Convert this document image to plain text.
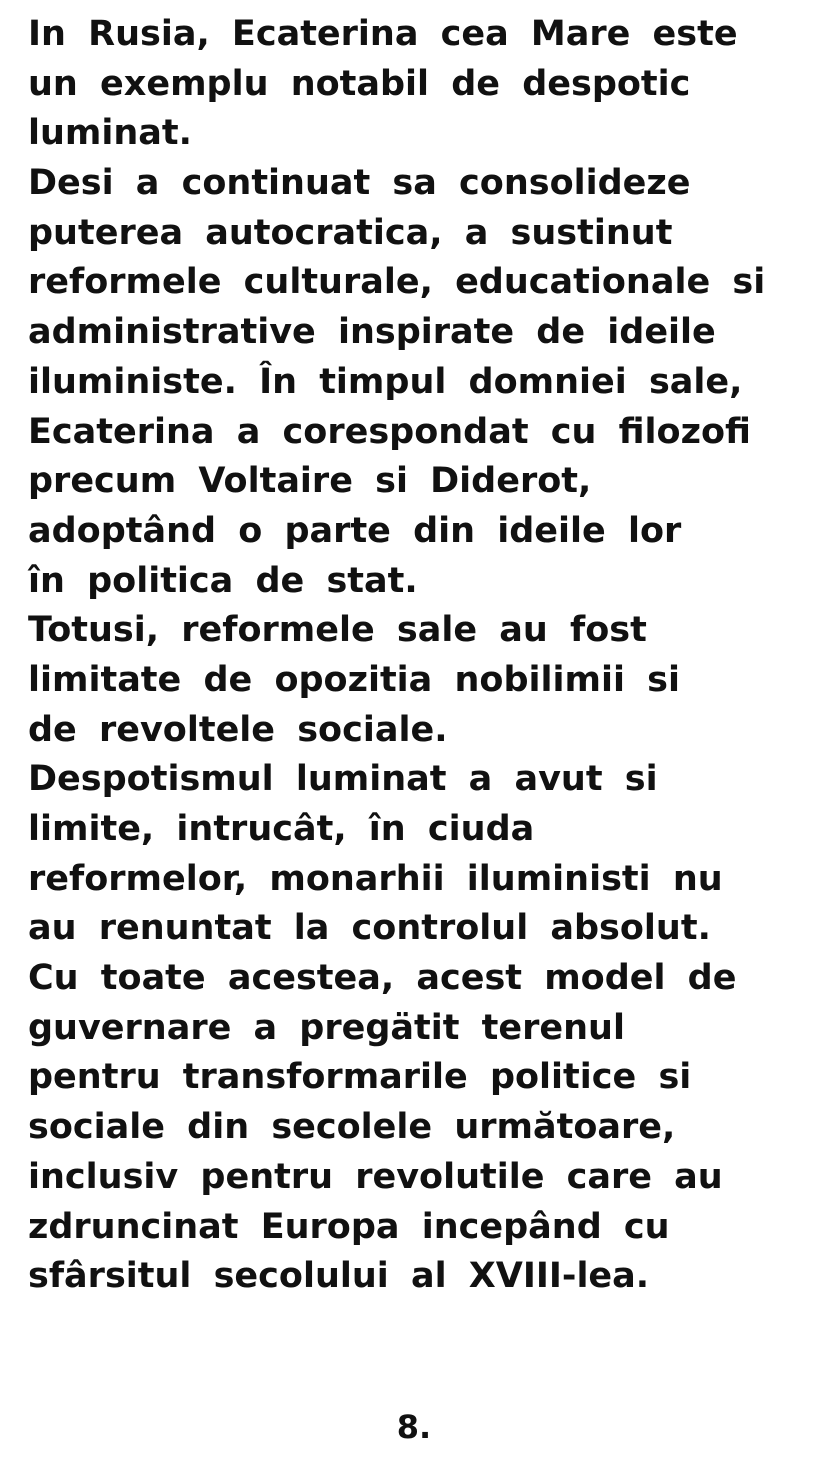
In Rusia, Ecaterina cea Mare este
un exemplu notabil de despotic
luminat.
Desi a continuat sa consolideze
puterea autocratica, a sustinut
reformele culturale, educationale si
administrative inspirate de ideile
iluministe. În timpul domniei sale,
Ecaterina a corespondat cu filozofi
precum Voltaire si Diderot,
adoptând o parte din ideile lor
în politica de stat.
Totusi, reformele sale au fost
limitate de opozitia nobilimii si
de revoltele sociale.
Despotismul luminat a avut si
limite, intrucât, în ciuda
reformelor, monarhii iluministi nu
au renuntat la controlul absolut.
Cu toate acestea, acest model de
guvernare a pregätit terenul
pentru transformarile politice si
sociale din secolele următoare,
inclusiv pentru revolutile care au
zdruncinat Europa incepând cu
sfârsitul secolului al XVIII-lea.
8.
